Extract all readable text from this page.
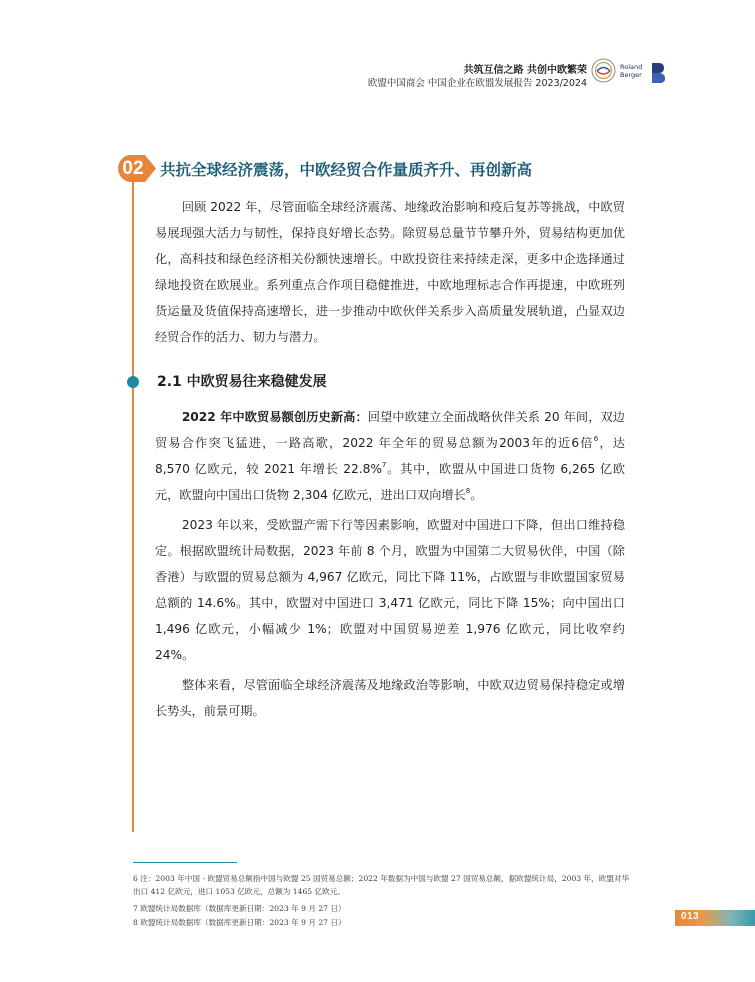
共筑互信之路 共创中欧繁荣
欧盟中国商会 中国企业在欧盟发展报告 2023/2024
Roland
Berger
02 共抗全球经济震荡，中欧经贸合作量质齐升、再创新高
回顾 2022 年，尽管面临全球经济震荡、地缘政治影响和疫后复苏等挑战，中欧贸易展现强大活力与韧性，保持良好增长态势。除贸易总量节节攀升外，贸易结构更加优化，高科技和绿色经济相关份额快速增长。中欧投资往来持续走深，更多中企选择通过绿地投资在欧展业。系列重点合作项目稳健推进，中欧地理标志合作再提速，中欧班列货运量及货值保持高速增长，进一步推动中欧伙伴关系步入高质量发展轨道，凸显双边经贸合作的活力、韧力与潜力。
2.1 中欧贸易往来稳健发展
2022 年中欧贸易额创历史新高：回望中欧建立全面战略伙伴关系 20 年间，双边贸易合作突飞猛进，一路高歌，2022 年全年的贸易总额为2003年的近6倍$^6$，达 8,570 亿欧元，较 2021 年增长 22.8%$^7$。其中，欧盟从中国进口货物 6,265 亿欧元，欧盟向中国出口货物 2,304 亿欧元，进出口双向增长$^8$。
2023 年以来，受欧盟产需下行等因素影响，欧盟对中国进口下降，但出口维持稳定。根据欧盟统计局数据，2023 年前 8 个月，欧盟为中国第二大贸易伙伴，中国（除香港）与欧盟的贸易总额为 4,967 亿欧元，同比下降 11%，占欧盟与非欧盟国家贸易总额的 14.6%。其中，欧盟对中国进口 3,471 亿欧元，同比下降 15%；向中国出口 1,496 亿欧元，小幅减少 1%；欧盟对中国贸易逆差 1,976 亿欧元，同比收窄约 24%。
整体来看，尽管面临全球经济震荡及地缘政治等影响，中欧双边贸易保持稳定或增长势头，前景可期。
6 注：2003 年中国 - 欧盟贸易总额指中国与欧盟 25 国贸易总额；2022 年数据为中国与欧盟 27 国贸易总额，据欧盟统计局，2003 年，欧盟对华出口 412 亿欧元，进口 1053 亿欧元，总额为 1465 亿欧元。
7 欧盟统计局数据库（数据库更新日期：2023 年 9 月 27 日）
8 欧盟统计局数据库（数据库更新日期：2023 年 9 月 27 日）
013
